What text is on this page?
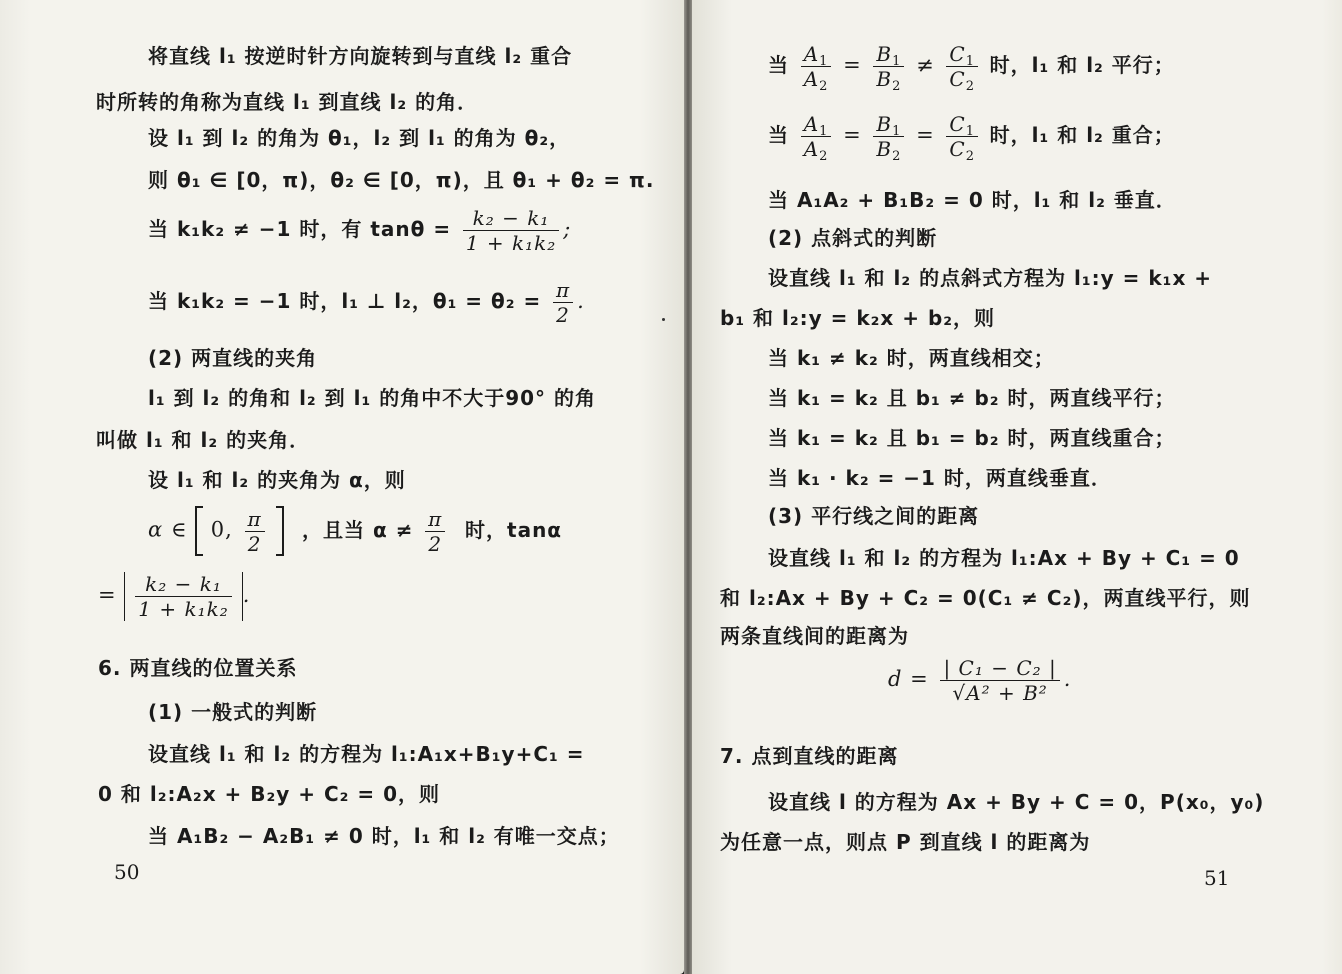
将直线 l₁ 按逆时针方向旋转到与直线 l₂ 重合
时所转的角称为直线 l₁ 到直线 l₂ 的角．
设 l₁ 到 l₂ 的角为 θ₁，l₂ 到 l₁ 的角为 θ₂，
则 θ₁ ∈ [0，π)，θ₂ ∈ [0，π)，且 θ₁ + θ₂ = π.
当 k₁k₂ ≠ −1 时，有 $\tan\theta = \frac{\text{k₂ − k₁}}{\text{1 + k₁k₂}}$ ;
当 k₁k₂ = −1 时，l₁ ⊥ l₂，$\theta_1 = \theta_2 = \frac{\pi}{2}$ .
(2) 两直线的夹角
l₁ 到 l₂ 的角和 l₂ 到 l₁ 的角中不大于90° 的角
叫做 l₁ 和 l₂ 的夹角．
设 l₁ 和 l₂ 的夹角为 α，则
α ∈ 0, $\frac{\pi}{2}$ ，且当 $\alpha \ne \frac{\pi}{2}$ 时，tanα
= $\frac{\text{k₂ − k₁}}{\text{1 + k₁k₂}}$ .
6. 两直线的位置关系
(1) 一般式的判断
设直线 l₁ 和 l₂ 的方程为 l₁:A₁x+B₁y+C₁ =
0 和 l₂:A₂x + B₂y + C₂ = 0，则
当 A₁B₂ − A₂B₁ ≠ 0 时，l₁ 和 l₂ 有唯一交点；
50
当 $\frac{A_1}{A_2} = \frac{B_1}{B_2} \ne \frac{C_1}{C_2}$ 时，l₁ 和 l₂ 平行；
当 $\frac{A_1}{A_2} = \frac{B_1}{B_2} = \frac{C_1}{C_2}$ 时，l₁ 和 l₂ 重合；
当 A₁A₂ + B₁B₂ = 0 时，l₁ 和 l₂ 垂直．
(2) 点斜式的判断
设直线 l₁ 和 l₂ 的点斜式方程为 l₁:y = k₁x +
b₁ 和 l₂:y = k₂x + b₂，则
当 k₁ ≠ k₂ 时，两直线相交；
当 k₁ = k₂ 且 b₁ ≠ b₂ 时，两直线平行；
当 k₁ = k₂ 且 b₁ = b₂ 时，两直线重合；
当 k₁ · k₂ = −1 时，两直线垂直．
(3) 平行线之间的距离
设直线 l₁ 和 l₂ 的方程为 l₁:Ax + By + C₁ = 0
和 l₂:Ax + By + C₂ = 0(C₁ ≠ C₂)，两直线平行，则
两条直线间的距离为
$d = \frac{\text{| C₁ − C₂ |}}{\text{√A² + B²}}$ .
7. 点到直线的距离
设直线 l 的方程为 Ax + By + C = 0，P(x₀，y₀)
为任意一点，则点 P 到直线 l 的距离为
51
